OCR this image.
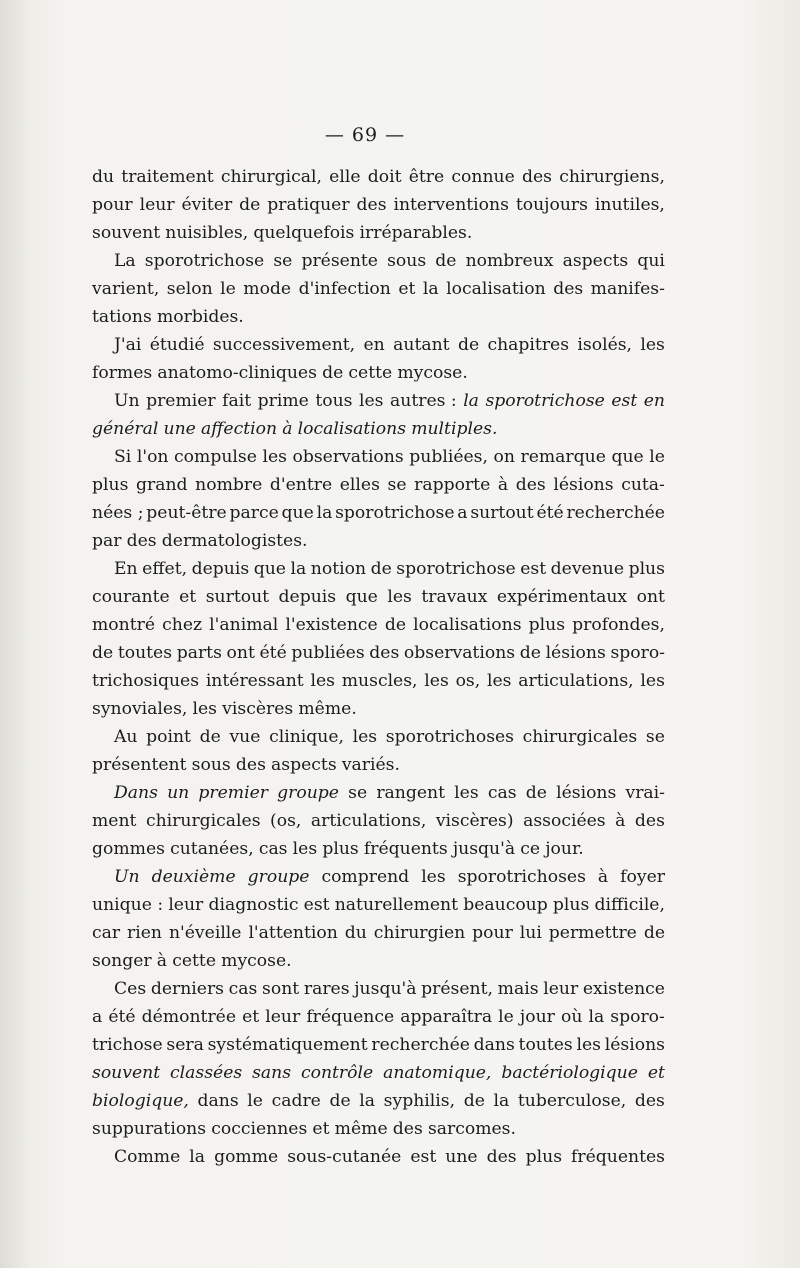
— 69 —
du traitement chirurgical, elle doit être connue des chirurgiens,
pour leur éviter de pratiquer des interventions toujours inutiles,
souvent nuisibles, quelquefois irréparables.
La sporotrichose se présente sous de nombreux aspects qui
varient, selon le mode d'infection et la localisation des manifes-
tations morbides.
J'ai étudié successivement, en autant de chapitres isolés, les
formes anatomo-cliniques de cette mycose.
Un premier fait prime tous les autres : la sporotrichose est en
général une affection à localisations multiples.
Si l'on compulse les observations publiées, on remarque que le
plus grand nombre d'entre elles se rapporte à des lésions cuta-
nées ; peut-être parce que la sporotrichose a surtout été recherchée
par des dermatologistes.
En effet, depuis que la notion de sporotrichose est devenue plus
courante et surtout depuis que les travaux expérimentaux ont
montré chez l'animal l'existence de localisations plus profondes,
de toutes parts ont été publiées des observations de lésions sporo-
trichosiques intéressant les muscles, les os, les articulations, les
synoviales, les viscères même.
Au point de vue clinique, les sporotrichoses chirurgicales se
présentent sous des aspects variés.
Dans un premier groupe se rangent les cas de lésions vrai-
ment chirurgicales (os, articulations, viscères) associées à des
gommes cutanées, cas les plus fréquents jusqu'à ce jour.
Un deuxième groupe comprend les sporotrichoses à foyer
unique : leur diagnostic est naturellement beaucoup plus difficile,
car rien n'éveille l'attention du chirurgien pour lui permettre de
songer à cette mycose.
Ces derniers cas sont rares jusqu'à présent, mais leur existence
a été démontrée et leur fréquence apparaîtra le jour où la sporo-
trichose sera systématiquement recherchée dans toutes les lésions
souvent classées sans contrôle anatomique, bactériologique et
biologique, dans le cadre de la syphilis, de la tuberculose, des
suppurations cocciennes et même des sarcomes.
Comme la gomme sous-cutanée est une des plus fréquentes
